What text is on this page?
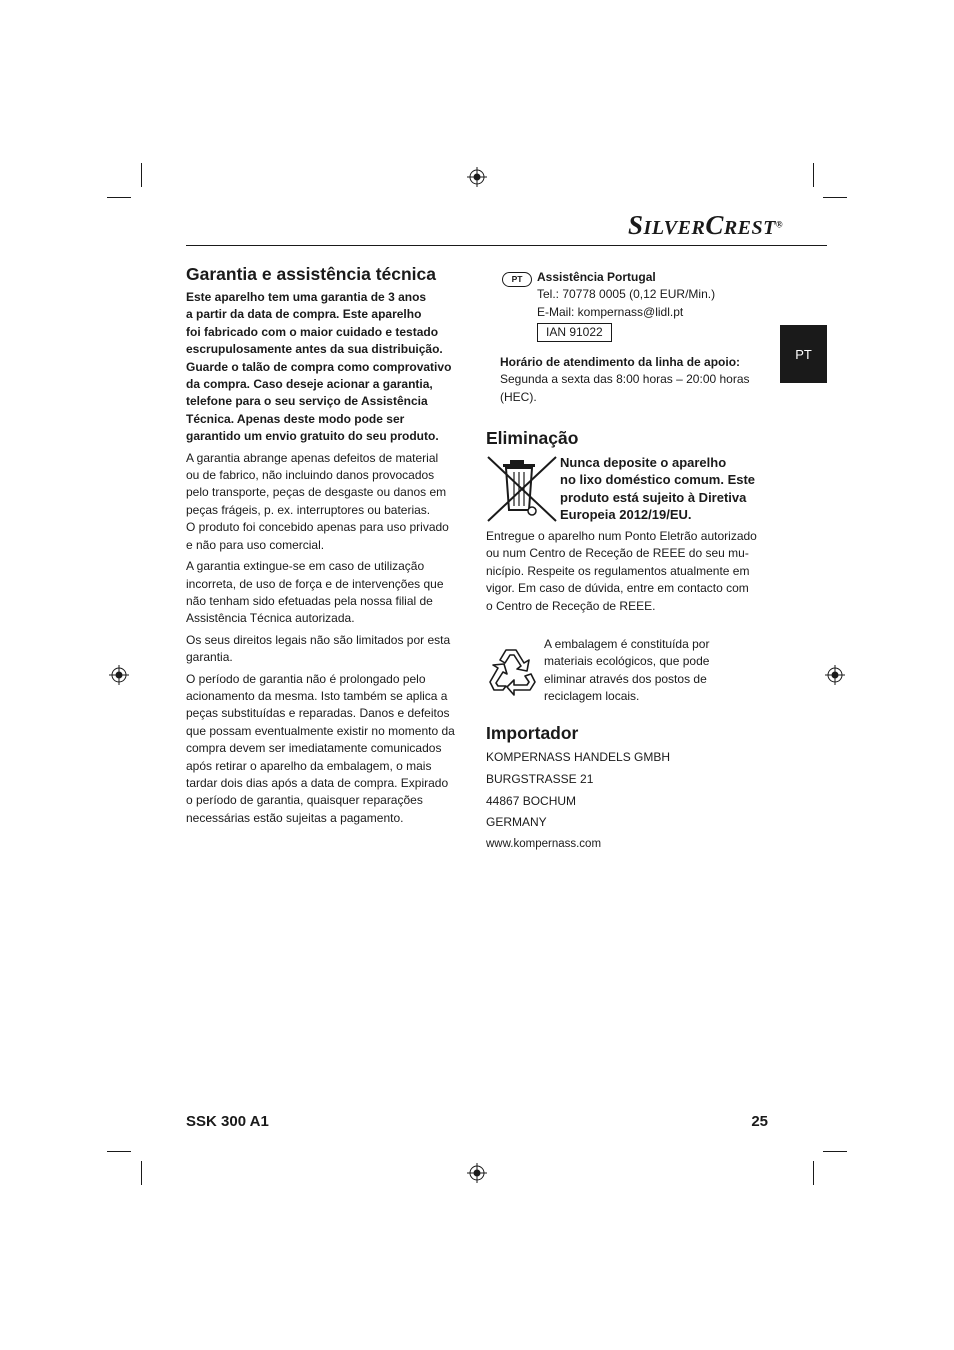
SILVERCREST®
PT
Garantia e assistência técnica

Este aparelho tem uma garantia de 3 anos
a partir da data de compra. Este aparelho
foi fabricado com o maior cuidado e testado
escrupulosamente antes da sua distribuição.
Guarde o talão de compra como comprovativo
da compra. Caso deseje acionar a garantia,
telefone para o seu serviço de Assistência
Técnica. Apenas deste modo pode ser
garantido um envio gratuito do seu produto.

A garantia abrange apenas defeitos de material
ou de fabrico, não incluindo danos provocados
pelo transporte, peças de desgaste ou danos em
peças frágeis, p. ex. interruptores ou baterias.
O produto foi concebido apenas para uso privado
e não para uso comercial.

A garantia extingue-se em caso de utilização
incorreta, de uso de força e de intervenções que
não tenham sido efetuadas pela nossa filial de
Assistência Técnica autorizada.

Os seus direitos legais não são limitados por esta
garantia.

O período de garantia não é prolongado pelo
acionamento da mesma. Isto também se aplica a
peças substituídas e reparadas. Danos e defeitos
que possam eventualmente existir no momento da
compra devem ser imediatamente comunicados
após retirar o aparelho da embalagem, o mais
tardar dois dias após a data de compra. Expirado
o período de garantia, quaisquer reparações
necessárias estão sujeitas a pagamento.

PT Assistência Portugal
Tel.: 70778 0005 (0,12 EUR/Min.)
E-Mail: kompernass@lidl.pt
IAN 91022
Horário de atendimento da linha de apoio:
Segunda a sexta das 8:00 horas – 20:00 horas
(HEC).
Eliminação
Nunca deposite o aparelho
no lixo doméstico comum. Este
produto está sujeito à Diretiva
Europeia 2012/19/EU.
Entregue o aparelho num Ponto Eletrão autorizado
ou num Centro de Receção de REEE do seu mu-
nicípio. Respeite os regulamentos atualmente em
vigor. Em caso de dúvida, entre em contacto com
o Centro de Receção de REEE.
A embalagem é constituída por
materiais ecológicos, que pode
eliminar através dos postos de
reciclagem locais.
Importador
KOMPERNASS HANDELS GMBH
BURGSTRASSE 21
44867 BOCHUM
GERMANY
www.kompernass.com
SSK 300 A1	25
